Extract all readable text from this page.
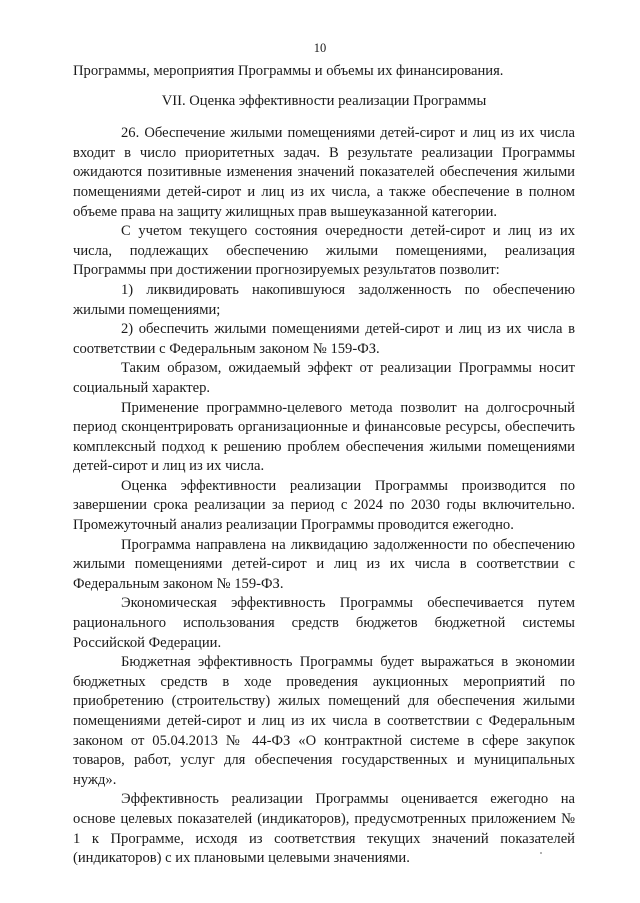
10

Программы, мероприятия Программы и объемы их финансирования.

VII. Оценка эффективности реализации Программы

26. Обеспечение жилыми помещениями детей-сирот и лиц из их числа входит в число приоритетных задач. В результате реализации Программы ожидаются позитивные изменения значений показателей обеспечения жилыми помещениями детей-сирот и лиц из их числа, а также обеспечение в полном объеме права на защиту жилищных прав вышеуказанной категории.

С учетом текущего состояния очередности детей-сирот и лиц из их числа, подлежащих обеспечению жилыми помещениями, реализация Программы при достижении прогнозируемых результатов позволит:

1) ликвидировать накопившуюся задолженность по обеспечению жилыми помещениями;

2) обеспечить жилыми помещениями детей-сирот и лиц из их числа в соответствии с Федеральным законом № 159-ФЗ.

Таким образом, ожидаемый эффект от реализации Программы носит социальный характер.

Применение программно-целевого метода позволит на долгосрочный период сконцентрировать организационные и финансовые ресурсы, обеспечить комплексный подход к решению проблем обеспечения жилыми помещениями детей-сирот и лиц из их числа.

Оценка эффективности реализации Программы производится по завершении срока реализации за период с 2024 по 2030 годы включительно. Промежуточный анализ реализации Программы проводится ежегодно.

Программа направлена на ликвидацию задолженности по обеспечению жилыми помещениями детей-сирот и лиц из их числа в соответствии с Федеральным законом № 159-ФЗ.

Экономическая эффективность Программы обеспечивается путем рационального использования средств бюджетов бюджетной системы Российской Федерации.

Бюджетная эффективность Программы будет выражаться в экономии бюджетных средств в ходе проведения аукционных мероприятий по приобретению (строительству) жилых помещений для обеспечения жилыми помещениями детей-сирот и лиц из их числа в соответствии с Федеральным законом от 05.04.2013 № 44-ФЗ «О контрактной системе в сфере закупок товаров, работ, услуг для обеспечения государственных и муниципальных нужд».

Эффективность реализации Программы оценивается ежегодно на основе целевых показателей (индикаторов), предусмотренных приложением № 1 к Программе, исходя из соответствия текущих значений показателей (индикаторов) с их плановыми целевыми значениями.
